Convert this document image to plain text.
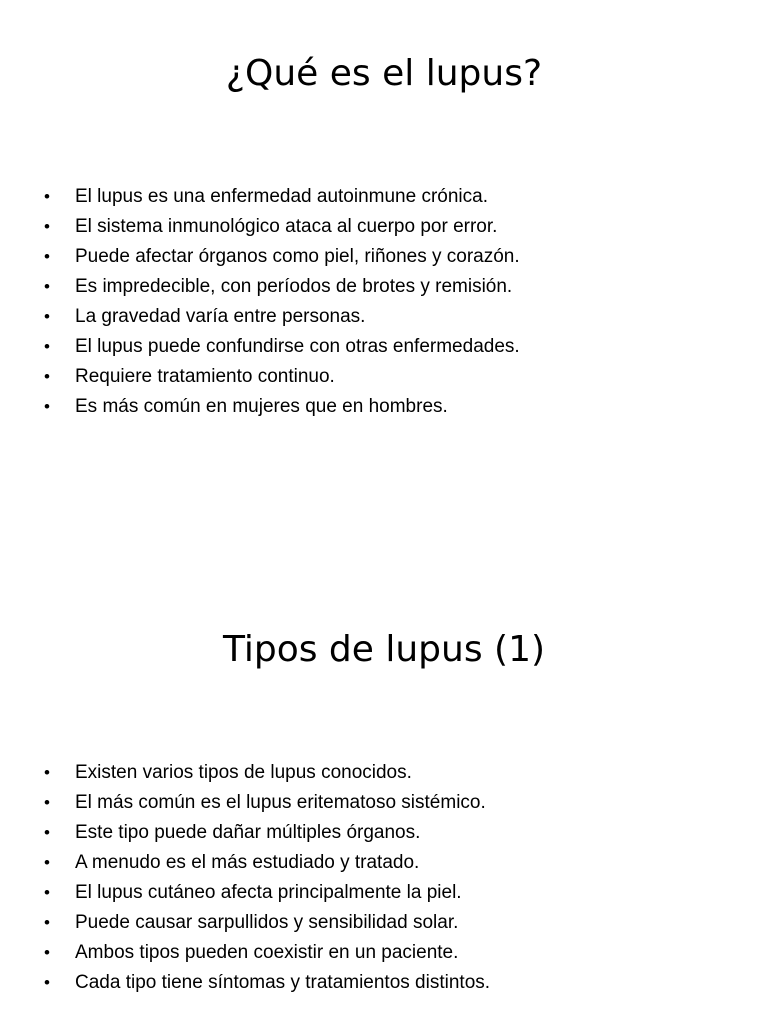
¿Qué es el lupus?
• El lupus es una enfermedad autoinmune crónica.
• El sistema inmunológico ataca al cuerpo por error.
• Puede afectar órganos como piel, riñones y corazón.
• Es impredecible, con períodos de brotes y remisión.
• La gravedad varía entre personas.
• El lupus puede confundirse con otras enfermedades.
• Requiere tratamiento continuo.
• Es más común en mujeres que en hombres.
Tipos de lupus (1)
• Existen varios tipos de lupus conocidos.
• El más común es el lupus eritematoso sistémico.
• Este tipo puede dañar múltiples órganos.
• A menudo es el más estudiado y tratado.
• El lupus cutáneo afecta principalmente la piel.
• Puede causar sarpullidos y sensibilidad solar.
• Ambos tipos pueden coexistir en un paciente.
• Cada tipo tiene síntomas y tratamientos distintos.
